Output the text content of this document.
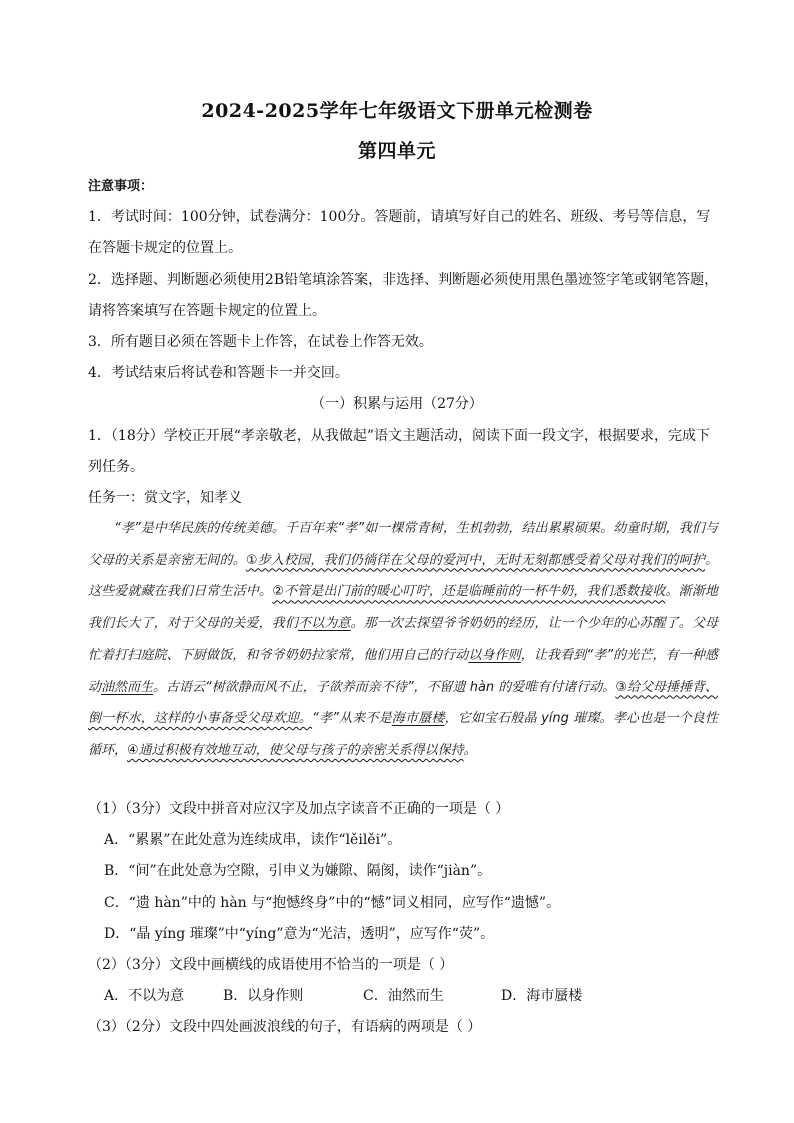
2024-2025学年七年级语文下册单元检测卷
第四单元
注意事项：
1．考试时间：100分钟，试卷满分：100分。答题前，请填写好自己的姓名、班级、考号等信息，写
在答题卡规定的位置上。
2．选择题、判断题必须使用2B铅笔填涂答案，非选择、判断题必须使用黑色墨迹签字笔或钢笔答题，
请将答案填写在答题卡规定的位置上。
3．所有题目必须在答题卡上作答，在试卷上作答无效。
4．考试结束后将试卷和答题卡一并交回。
（一）积累与运用（27分）
1．（18分）学校正开展“孝亲敬老，从我做起”语文主题活动，阅读下面一段文字，根据要求，完成下
列任务。
任务一：赏文字，知孝义
“孝”是中华民族的传统美德。千百年来“孝”如一棵常青树，生机勃勃，结出累累硕果。幼童时期，我们与父母的关系是亲密无间的。①步入校园，我们仍徜徉在父母的爱河中，无时无刻都感受着父母对我们的呵护。这些爱就藏在我们日常生活中。②不管是出门前的暖心叮咛，还是临睡前的一杯牛奶，我们悉数接收。渐渐地我们长大了，对于父母的关爱，我们不以为意。那一次去探望爷爷奶奶的经历，让一个少年的心苏醒了。父母忙着打扫庭院、下厨做饭，和爷爷奶奶拉家常，他们用自己的行动以身作则，让我看到“孝”的光芒，有一种感动油然而生。古语云“树欲静而风不止，子欲养而亲不待”，不留遗 hàn 的爱唯有付诸行动。③给父母捶捶背、倒一杯水，这样的小事备受父母欢迎。“孝”从来不是海市蜃楼，它如宝石般晶 yíng 璀璨。孝心也是一个良性循环，④通过积极有效地互动，使父母与孩子的亲密关系得以保持。
（1）（3分）文段中拼音对应汉字及加点字读音不正确的一项是（ ）
A．“累累”在此处意为连续成串，读作“lěilěi”。
B．“间”在此处意为空隙，引申义为嫌隙、隔阂，读作“jiàn”。
C．“遗 hàn”中的 hàn 与“抱憾终身”中的“憾”词义相同，应写作“遗憾”。
D．“晶 yíng 璀璨”中“yíng”意为“光洁，透明”，应写作“荧”。
（2）（3分）文段中画横线的成语使用不恰当的一项是（ ）
A．不以为意	B．以身作则	C．油然而生	D．海市蜃楼
（3）（2分）文段中四处画波浪线的句子，有语病的两项是（ ）
